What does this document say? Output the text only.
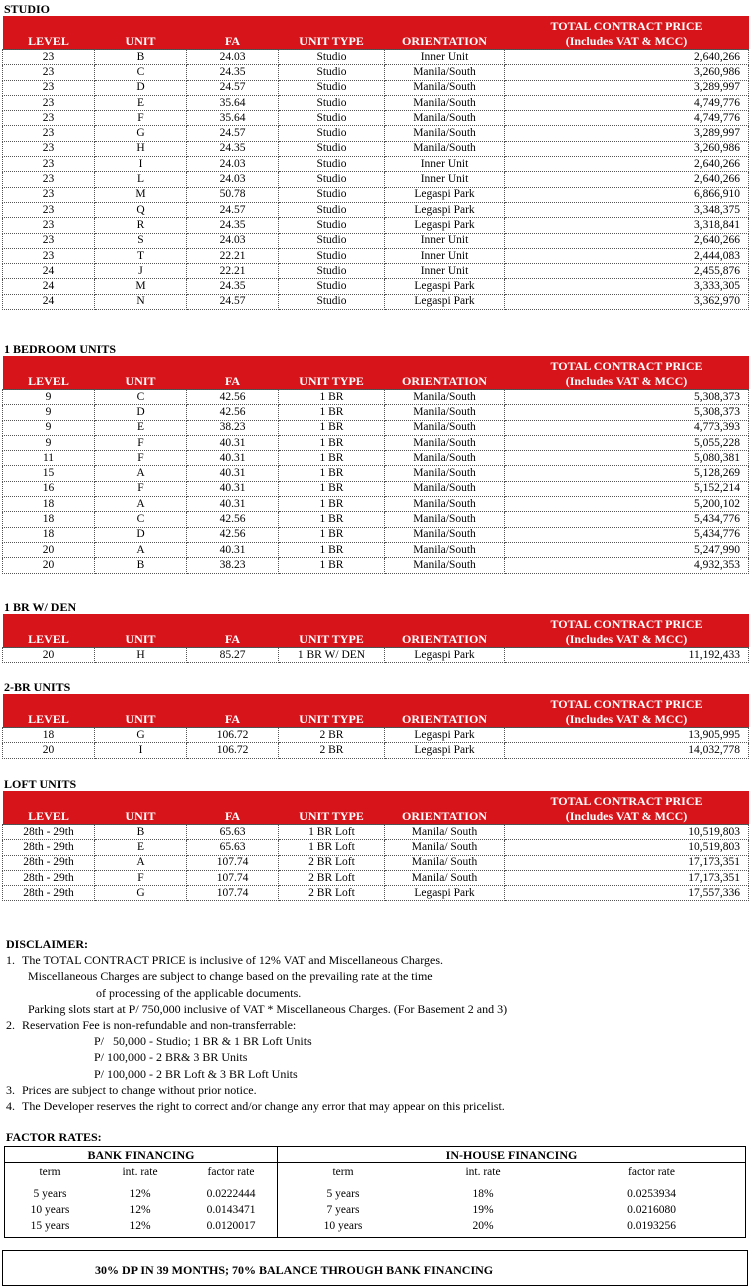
STUDIO
LEVEL	UNIT	FA	UNIT TYPE	ORIENTATION	TOTAL CONTRACT PRICE
(Includes VAT & MCC)

23	B	24.03	Studio	Inner Unit	2,640,266
23	C	24.35	Studio	Manila/South	3,260,986
23	D	24.57	Studio	Manila/South	3,289,997
23	E	35.64	Studio	Manila/South	4,749,776
23	F	35.64	Studio	Manila/South	4,749,776
23	G	24.57	Studio	Manila/South	3,289,997
23	H	24.35	Studio	Manila/South	3,260,986
23	I	24.03	Studio	Inner Unit	2,640,266
23	L	24.03	Studio	Inner Unit	2,640,266
23	M	50.78	Studio	Legaspi Park	6,866,910
23	Q	24.57	Studio	Legaspi Park	3,348,375
23	R	24.35	Studio	Legaspi Park	3,318,841
23	S	24.03	Studio	Inner Unit	2,640,266
23	T	22.21	Studio	Inner Unit	2,444,083
24	J	22.21	Studio	Inner Unit	2,455,876
24	M	24.35	Studio	Legaspi Park	3,333,305
24	N	24.57	Studio	Legaspi Park	3,362,970
1 BEDROOM UNITS
LEVEL	UNIT	FA	UNIT TYPE	ORIENTATION	TOTAL CONTRACT PRICE
(Includes VAT & MCC)

9	C	42.56	1 BR	Manila/South	5,308,373
9	D	42.56	1 BR	Manila/South	5,308,373
9	E	38.23	1 BR	Manila/South	4,773,393
9	F	40.31	1 BR	Manila/South	5,055,228
11	F	40.31	1 BR	Manila/South	5,080,381
15	A	40.31	1 BR	Manila/South	5,128,269
16	F	40.31	1 BR	Manila/South	5,152,214
18	A	40.31	1 BR	Manila/South	5,200,102
18	C	42.56	1 BR	Manila/South	5,434,776
18	D	42.56	1 BR	Manila/South	5,434,776
20	A	40.31	1 BR	Manila/South	5,247,990
20	B	38.23	1 BR	Manila/South	4,932,353
1 BR W/ DEN
LEVEL	UNIT	FA	UNIT TYPE	ORIENTATION	TOTAL CONTRACT PRICE
(Includes VAT & MCC)

20	H	85.27	1 BR W/ DEN	Legaspi Park	11,192,433
2-BR UNITS
LEVEL	UNIT	FA	UNIT TYPE	ORIENTATION	TOTAL CONTRACT PRICE
(Includes VAT & MCC)

18	G	106.72	2 BR	Legaspi Park	13,905,995
20	I	106.72	2 BR	Legaspi Park	14,032,778
LOFT UNITS
LEVEL	UNIT	FA	UNIT TYPE	ORIENTATION	TOTAL CONTRACT PRICE
(Includes VAT & MCC)

28th - 29th	B	65.63	1 BR Loft	Manila/ South	10,519,803
28th - 29th	E	65.63	1 BR Loft	Manila/ South	10,519,803
28th - 29th	A	107.74	2 BR Loft	Manila/ South	17,173,351
28th - 29th	F	107.74	2 BR Loft	Manila/ South	17,173,351
28th - 29th	G	107.74	2 BR Loft	Legaspi Park	17,557,336
DISCLAIMER:
1. The TOTAL CONTRACT PRICE is inclusive of 12% VAT and Miscellaneous Charges.
Miscellaneous Charges are subject to change based on the prevailing rate at the time
of processing of the applicable documents.
Parking slots start at P/ 750,000 inclusive of VAT * Miscellaneous Charges. (For Basement 2 and 3)
2. Reservation Fee is non-refundable and non-transferrable:
P/   50,000 - Studio; 1 BR & 1 BR Loft Units
P/ 100,000 - 2 BR& 3 BR Units
P/ 100,000 - 2 BR Loft & 3 BR Loft Units
3. Prices are subject to change without prior notice.
4. The Developer reserves the right to correct and/or change any error that may appear on this pricelist.
FACTOR RATES:
BANK FINANCING	IN-HOUSE FINANCING
term	int. rate	factor rate
5 years	12%	0.0222444
10 years	12%	0.0143471
15 years	12%	0.0120017
term	int. rate	factor rate
5 years	18%	0.0253934
7 years	19%	0.0216080
10 years	20%	0.0193256
30% DP IN 39 MONTHS; 70% BALANCE THROUGH BANK FINANCING
